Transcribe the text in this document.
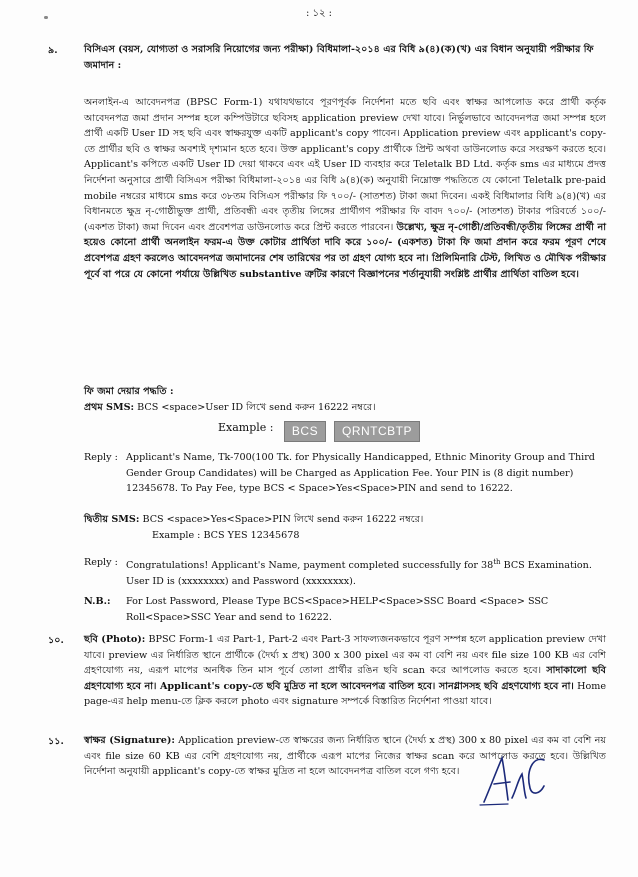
: ১২ :
৯.	বিসিএস (বয়স, যোগ্যতা ও সরাসরি নিয়োগের জন্য পরীক্ষা) বিধিমালা-২০১৪ এর বিধি ৯(৪)(ক)(খ) এর বিধান অনুযায়ী পরীক্ষার ফি জমাদান :
অনলাইন-এ আবেদনপত্র (BPSC Form-1) যথাযথভাবে পূরণপূর্বক নির্দেশনা মতে ছবি এবং স্বাক্ষর আপলোড করে প্রার্থী কর্তৃক আবেদনপত্র জমা প্রদান সম্পন্ন হলে কম্পিউটারে ছবিসহ application preview দেখা যাবে। নির্ভুলভাবে আবেদনপত্র জমা সম্পন্ন হলে প্রার্থী একটি User ID সহ ছবি এবং স্বাক্ষরযুক্ত একটি applicant's copy পাবেন। Application preview এবং applicant's copy-তে প্রার্থীর ছবি ও স্বাক্ষর অবশ্যই দৃশ্যমান হতে হবে। উক্ত applicant's copy প্রার্থীকে প্রিন্ট অথবা ডাউনলোড করে সংরক্ষণ করতে হবে। Applicant's কপিতে একটি User ID দেয়া থাকবে এবং এই User ID ব্যবহার করে Teletalk BD Ltd. কর্তৃক sms এর মাধ্যমে প্রদত্ত নির্দেশনা অনুসারে প্রার্থী বিসিএস পরীক্ষা বিধিমালা-২০১৪ এর বিধি ৯(৪)(ক) অনুযায়ী নিম্নোক্ত পদ্ধতিতে যে কোনো Teletalk pre-paid mobile নম্বরের মাধ্যমে sms করে ৩৮তম বিসিএস পরীক্ষার ফি ৭০০/- (সাতশত) টাকা জমা দিবেন। একই বিধিমালার বিধি ৯(৪)(খ) এর বিধানমতে ক্ষুদ্র নৃ-গোষ্ঠীভুক্ত প্রার্থী, প্রতিবন্ধী এবং তৃতীয় লিঙ্গের প্রার্থীগণ পরীক্ষার ফি বাবদ ৭০০/- (সাতশত) টাকার পরিবর্তে ১০০/- (একশত টাকা) জমা দিবেন এবং প্রবেশপত্র ডাউনলোড করে প্রিন্ট করতে পারবেন। উল্লেখ্য, ক্ষুদ্র নৃ-গোষ্ঠী/প্রতিবন্ধী/তৃতীয় লিঙ্গের প্রার্থী না হয়েও কোনো প্রার্থী অনলাইন ফরম-এ উক্ত কোটার প্রার্থিতা দাবি করে ১০০/- (একশত) টাকা ফি জমা প্রদান করে ফরম পূরণ শেষে প্রবেশপত্র গ্রহণ করলেও আবেদনপত্র জমাদানের শেষ তারিখের পর তা গ্রহণ যোগ্য হবে না। প্রিলিমিনারি টেস্ট, লিখিত ও মৌখিক পরীক্ষার পূর্বে বা পরে যে কোনো পর্যায়ে উল্লিখিত substantive ত্রুটির কারণে বিজ্ঞাপনের শর্তানুযায়ী সংশ্লিষ্ট প্রার্থীর প্রার্থিতা বাতিল হবে।
ফি জমা দেয়ার পদ্ধতি :
প্রথম SMS: BCS <space>User ID লিখে send করুন 16222 নম্বরে।
Example :	BCS	QRNTCBTP
Reply : Applicant's Name, Tk-700(100 Tk. for Physically Handicapped, Ethnic Minority Group and Third Gender Group Candidates) will be Charged as Application Fee. Your PIN is (8 digit number) 12345678. To Pay Fee, type BCS < Space>Yes<Space>PIN and send to 16222.
দ্বিতীয় SMS: BCS <space>Yes<Space>PIN লিখে send করুন 16222 নম্বরে।
Example : BCS YES 12345678
Reply : Congratulations! Applicant's Name, payment completed successfully for 38th BCS Examination. User ID is (xxxxxxxx) and Password (xxxxxxxx).
N.B.:	For Lost Password, Please Type BCS<Space>HELP<Space>SSC Board <Space> SSC Roll<Space>SSC Year and send to 16222.
১০. ছবি (Photo): BPSC Form-1 এর Part-1, Part-2 এবং Part-3 সাফল্যজনকভাবে পূরণ সম্পন্ন হলে application preview দেখা যাবে। preview এর নির্ধারিত স্থানে প্রার্থীকে (দৈর্ঘ্য x প্রস্থ) 300 x 300 pixel এর কম বা বেশি নয় এবং file size 100 KB এর বেশি গ্রহণযোগ্য নয়, এরূপ মাপের অনধিক তিন মাস পূর্বে তোলা প্রার্থীর রঙিন ছবি scan করে আপলোড করতে হবে। সাদাকালো ছবি গ্রহণযোগ্য হবে না। Applicant's copy-তে ছবি মুদ্রিত না হলে আবেদনপত্র বাতিল হবে। সানগ্লাসসহ ছবি গ্রহণযোগ্য হবে না। Home page-এর help menu-তে ক্লিক করলে photo এবং signature সম্পর্কে বিস্তারিত নির্দেশনা পাওয়া যাবে।
১১. স্বাক্ষর (Signature): Application preview-তে স্বাক্ষরের জন্য নির্ধারিত স্থানে (দৈর্ঘ্য x প্রস্থ) 300 x 80 pixel এর কম বা বেশি নয় এবং file size 60 KB এর বেশি গ্রহণযোগ্য নয়, প্রার্থীকে এরূপ মাপের নিজের স্বাক্ষর scan করে আপলোড করতে হবে। উল্লিখিত নির্দেশনা অনুযায়ী applicant's copy-তে স্বাক্ষর মুদ্রিত না হলে আবেদনপত্র বাতিল বলে গণ্য হবে।
